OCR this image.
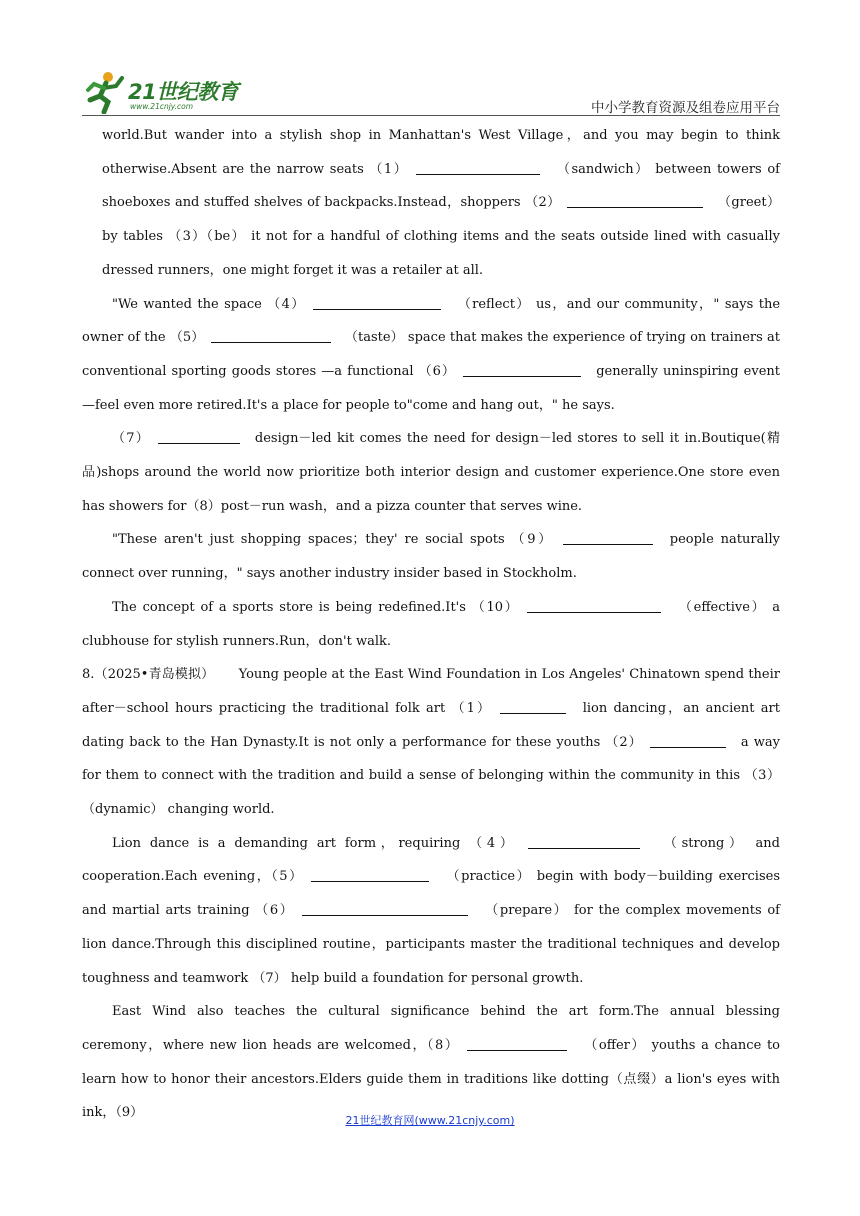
21世纪教育
www.21cnjy.com	中小学教育资源及组卷应用平台

world.But wander into a stylish shop in Manhattan's West Village，and you may begin to think otherwise.Absent are the narrow seats （1）	（sandwich） between towers of shoeboxes and stuffed shelves of backpacks.Instead，shoppers （2）	（greet） by tables （3）（be） it not for a handful of clothing items and the seats outside lined with casually dressed runners，one might forget it was a retailer at all.

"We wanted the space （4）	（reflect） us，and our community，" says the owner of the （5）	（taste） space that makes the experience of trying on trainers at conventional sporting goods stores —a functional （6）	generally uninspiring event —feel even more retired.It's a place for people to"come and hang out，" he says.

（7）	design－led kit comes the need for design－led stores to sell it in.Boutique(精品)shops around the world now prioritize both interior design and customer experience.One store even has showers for（8）post－run wash，and a pizza counter that serves wine.

"These aren't just shopping spaces；they' re social spots （9）	people naturally connect over running，" says another industry insider based in Stockholm.

The concept of a sports store is being redefined.It's （10）	（effective） a clubhouse for stylish runners.Run，don't walk.

8.（2025•青岛模拟） Young people at the East Wind Foundation in Los Angeles' Chinatown spend their after－school hours practicing the traditional folk art （1）	lion dancing，an ancient art dating back to the Han Dynasty.It is not only a performance for these youths （2）	a way for them to connect with the tradition and build a sense of belonging within the community in this （3）（dynamic） changing world.

Lion dance is a demanding art form，requiring （4）	（strong） and cooperation.Each evening，（5）	（practice） begin with body－building exercises and martial arts training （6）	（prepare） for the complex movements of lion dance.Through this disciplined routine，participants master the traditional techniques and develop toughness and teamwork （7） help build a foundation for personal growth.

East Wind also teaches the cultural significance behind the art form.The annual blessing ceremony，where new lion heads are welcomed，（8）	（offer） youths a chance to learn how to honor their ancestors.Elders guide them in traditions like dotting（点缀）a lion's eyes with ink，（9）

21世纪教育网(www.21cnjy.com)
